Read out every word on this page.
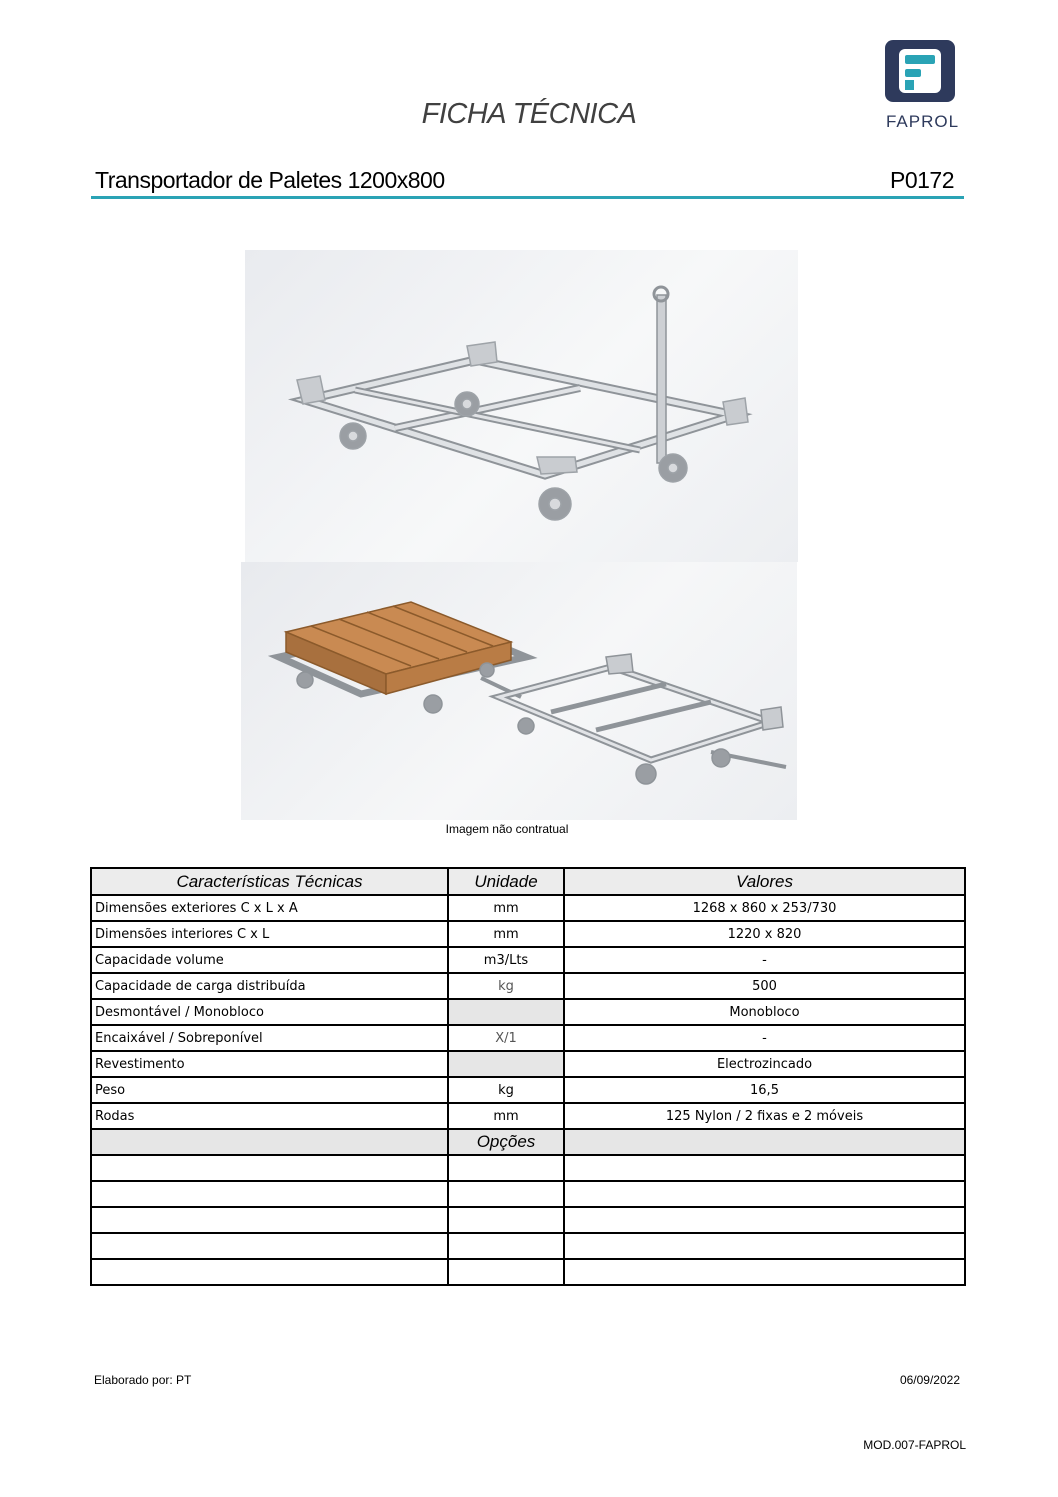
FICHA TÉCNICA	FAPROL
Transportador de Paletes 1200x800	P0172
Imagem não contratual
Características Técnicas	Unidade	Valores
Dimensões exteriores C x L x A	mm	1268 x 860 x 253/730
Dimensões interiores C x L	mm	1220 x 820
Capacidade volume	m3/Lts	-
Capacidade de carga distribuída	kg	500
Desmontável / Monobloco		Monobloco
Encaixável / Sobreponível	X/1	-
Revestimento		Electrozincado
Peso	kg	16,5
Rodas	mm	125 Nylon / 2 fixas e 2 móveis
	Opções	

Elaborado por: PT	06/09/2022
MOD.007-FAPROL
